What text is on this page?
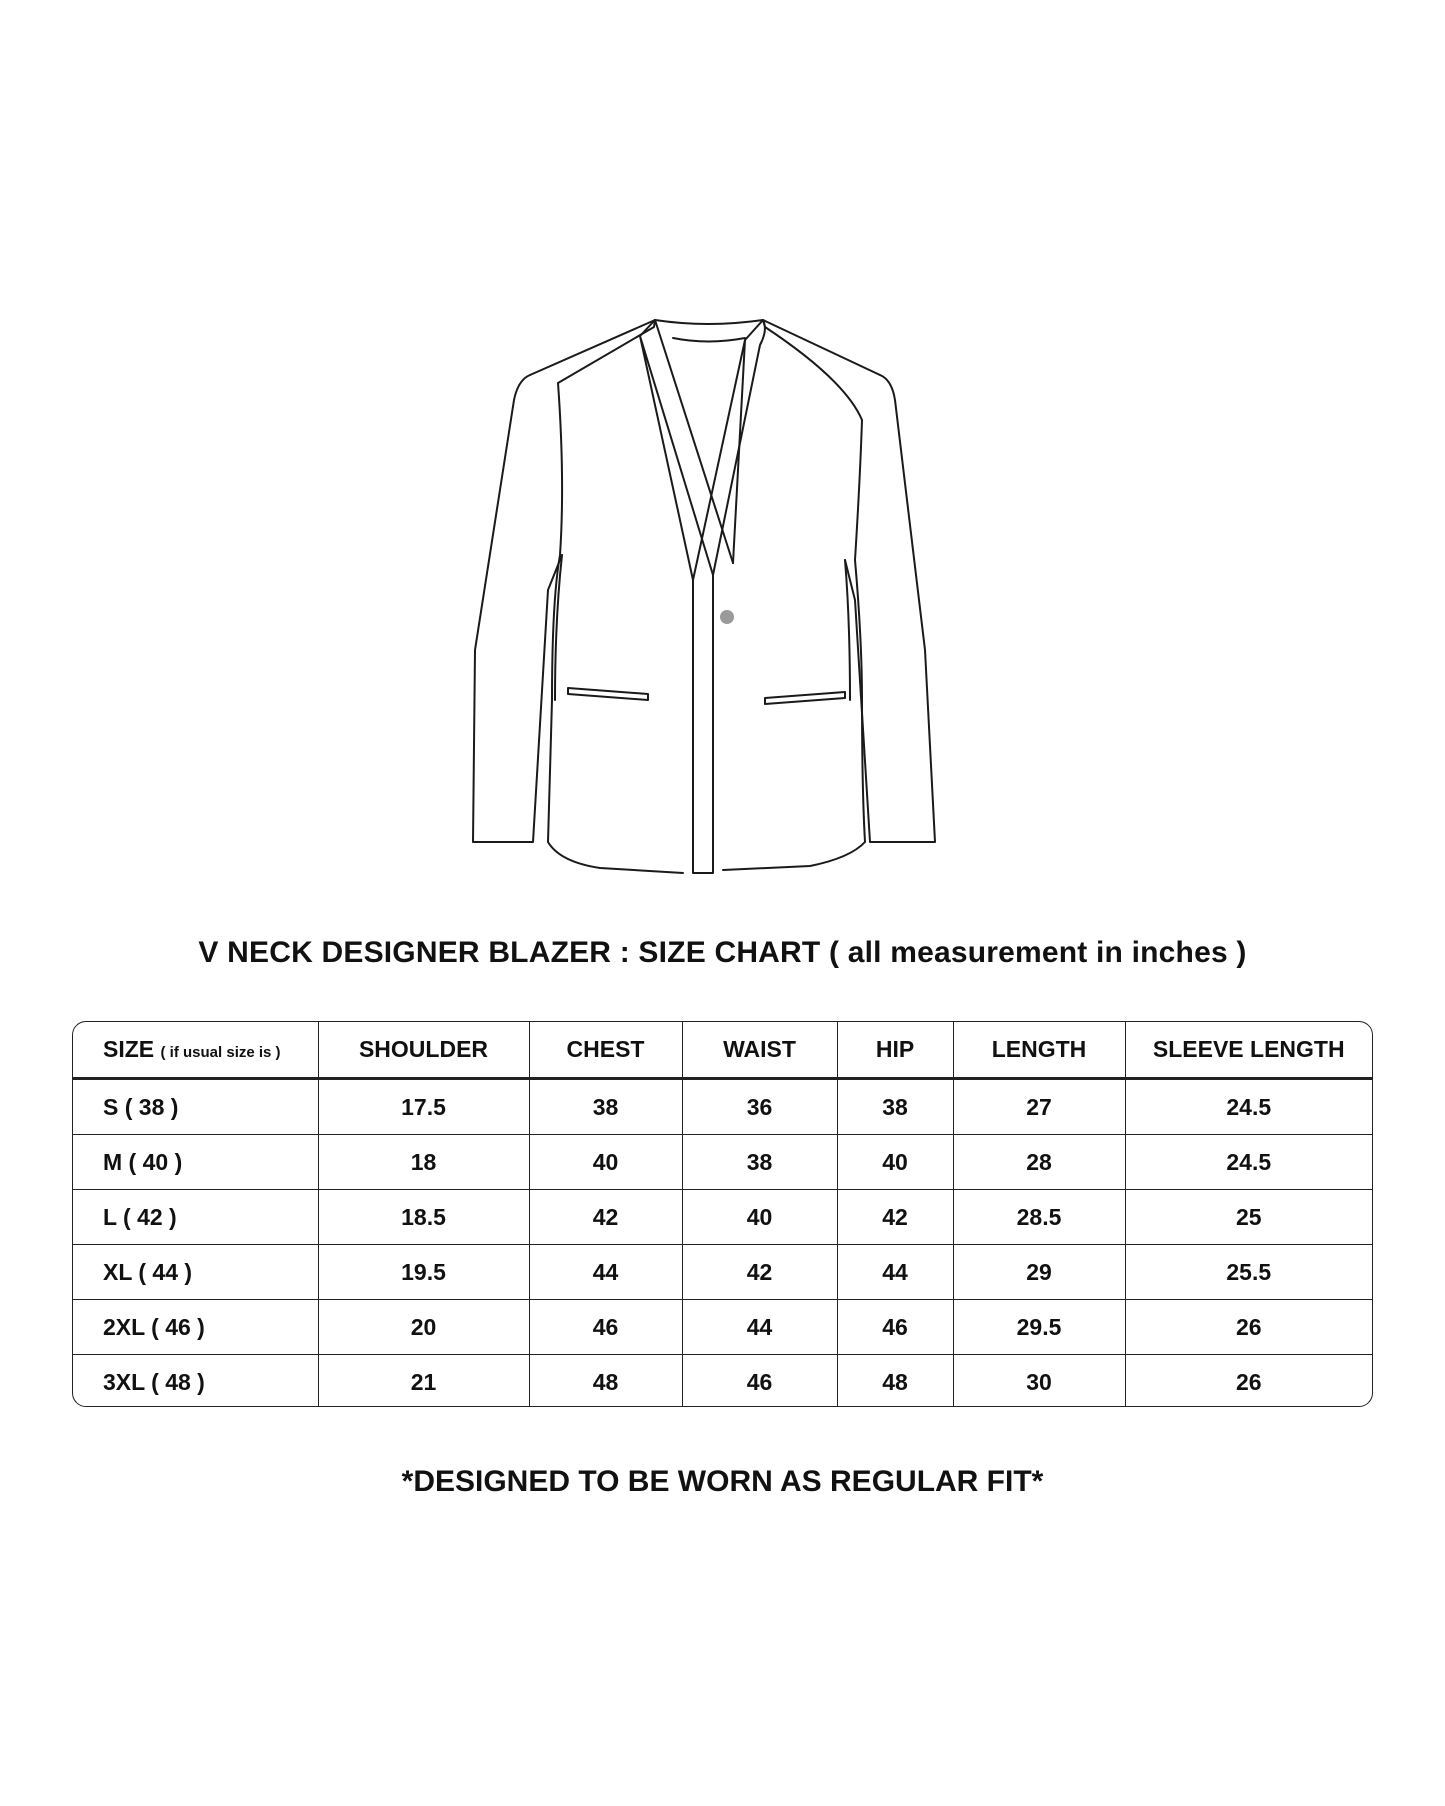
V NECK DESIGNER BLAZER : SIZE CHART ( all measurement in inches )
SIZE ( if usual size is )	SHOULDER	CHEST	WAIST	HIP	LENGTH	SLEEVE LENGTH
S ( 38 )	17.5	38	36	38	27	24.5
M ( 40 )	18	40	38	40	28	24.5
L ( 42 )	18.5	42	40	42	28.5	25
XL ( 44 )	19.5	44	42	44	29	25.5
2XL ( 46 )	20	46	44	46	29.5	26
3XL ( 48 )	21	48	46	48	30	26
*DESIGNED TO BE WORN AS REGULAR FIT*
